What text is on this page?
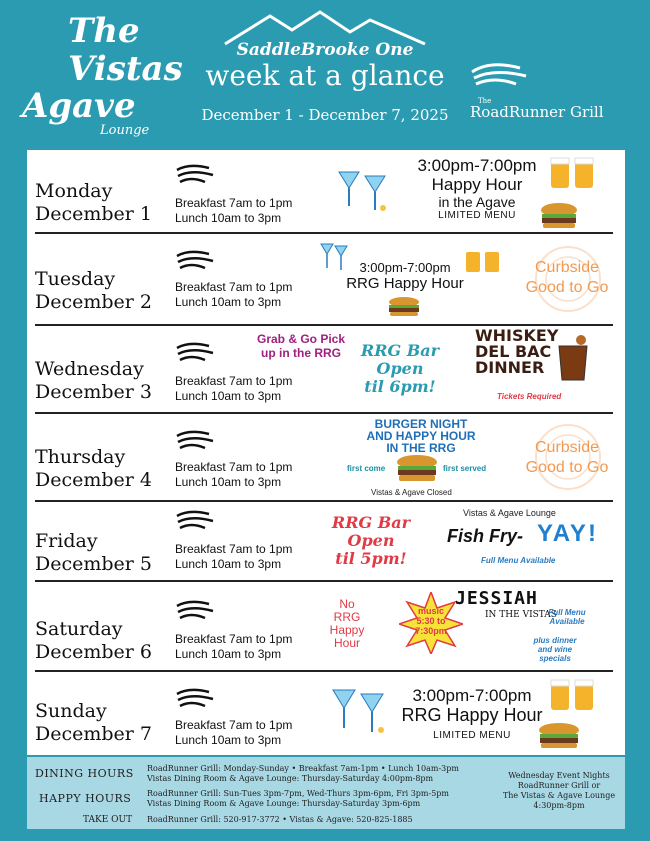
The Vistas
Agave
Lounge
SaddleBrooke One
week at a glance
December 1 - December 7, 2025
The
RoadRunner Grill
Monday
December 1 Breakfast 7am to 1pm
Lunch 10am to 3pm
3:00pm-7:00pm
Happy Hour
in the Agave
LIMITED MENU
Tuesday
December 2
Breakfast 7am to 1pm
Lunch 10am to 3pm
3:00pm-7:00pm
RRG Happy Hour
Curbside
Good to Go
Wednesday
December 3 Breakfast 7am to 1pm
Lunch 10am to 3pm
Grab & Go Pick
up in the RRG	RRG Bar
Open
til 6pm!
WHISKEY
DEL BAC
DINNER
Tickets Required
Thursday
December 4
Breakfast 7am to 1pm
Lunch 10am to 3pm
BURGER NIGHT
AND HAPPY HOUR
IN THE RRG
first come	first served
Vistas & Agave Closed
Curbside
Good to Go
Friday
December 5
Breakfast 7am to 1pm
Lunch 10am to 3pm
RRG Bar
Open
til 5pm!
Vistas & Agave Lounge
Fish Fry- YAY!
Full Menu Available
Saturday
December 6
Breakfast 7am to 1pm
Lunch 10am to 3pm
No
RRG
Happy
Hour
music
5:30 to
7:30pm
JESSIAH
IN THE VISTAS
Full Menu
Available
plus dinner
and wine
specials
Sunday
December 7 Breakfast 7am to 1pm
Lunch 10am to 3pm
3:00pm-7:00pm
RRG Happy Hour
LIMITED MENU
DINING HOURS RoadRunner Grill: Monday-Sunday • Breakfast 7am-1pm • Lunch 10am-3pm
Vistas Dining Room & Agave Lounge: Thursday-Saturday 4:00pm-8pm
HAPPY HOURS RoadRunner Grill: Sun-Tues 3pm-7pm, Wed-Thurs 3pm-6pm, Fri 3pm-5pm
Vistas Dining Room & Agave Lounge: Thursday-Saturday 3pm-6pm
TAKE OUT RoadRunner Grill: 520-917-3772 • Vistas & Agave: 520-825-1885
Wednesday Event Nights
RoadRunner Grill or
The Vistas & Agave Lounge
4:30pm-8pm
